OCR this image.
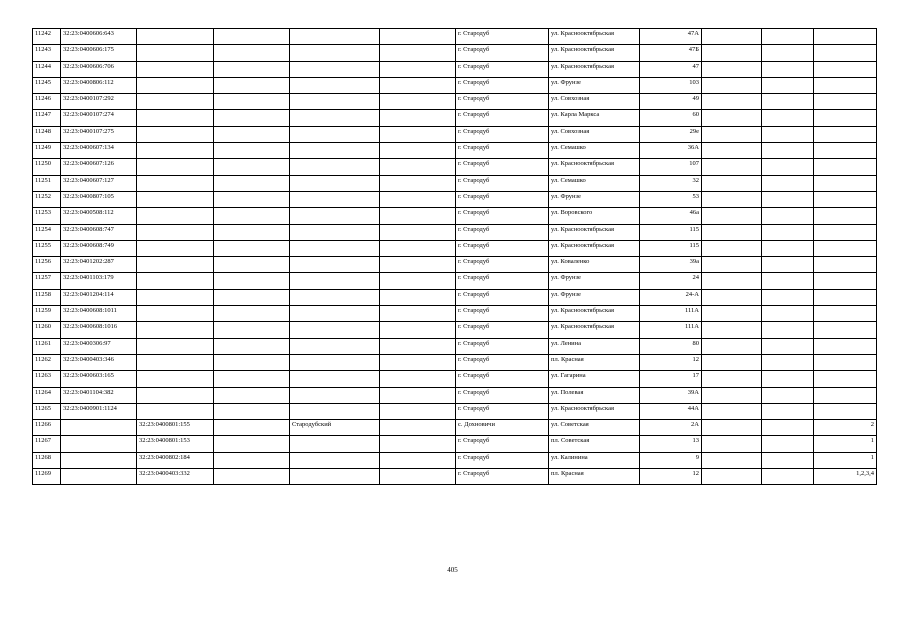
11242	32:23:0400606:643					г. Стародуб	ул. Краснооктябрьская	47А			
11243	32:23:0400606:175					г. Стародуб	ул. Краснооктябрьская	47Б			
11244	32:23:0400606:706					г. Стародуб	ул. Краснооктябрьская	47			
11245	32:23:0400806:112					г. Стародуб	ул. Фрунзе	103			
11246	32:23:0400107:292					г. Стародуб	ул. Совхозная	49			
11247	32:23:0400107:274					г. Стародуб	ул. Карла Маркса	60			
11248	32:23:0400107:275					г. Стародуб	ул. Совхозная	29е			
11249	32:23:0400607:134					г. Стародуб	ул. Семашко	36А			
11250	32:23:0400607:126					г. Стародуб	ул. Краснооктябрьская	107			
11251	32:23:0400607:127					г. Стародуб	ул. Семашко	32			
11252	32:23:0400807:105					г. Стародуб	ул. Фрунзе	53			
11253	32:23:0400508:112					г. Стародуб	ул. Воровского	46а			
11254	32:23:0400608:747					г. Стародуб	ул. Краснооктябрьская	115			
11255	32:23:0400608:749					г. Стародуб	ул. Краснооктябрьская	115			
11256	32:23:0401202:287					г. Стародуб	ул. Коваленко	39а			
11257	32:23:0401103:179					г. Стародуб	ул. Фрунзе	24			
11258	32:23:0401204:114					г. Стародуб	ул. Фрунзе	24-А			
11259	32:23:0400608:1011					г. Стародуб	ул. Краснооктябрьская	111А			
11260	32:23:0400608:1016					г. Стародуб	ул. Краснооктябрьская	111А			
11261	32:23:0400306:97					г. Стародуб	ул. Ленина	80			
11262	32:23:0400403:346					г. Стародуб	пл. Красная	12			
11263	32:23:0400603:165					г. Стародуб	ул. Гагарина	17			
11264	32:23:0401104:382					г. Стародуб	ул. Полевая	39А			
11265	32:23:0400901:1124					г. Стародуб	ул. Краснооктябрьская	44А			
11266		32:23:0400801:155		Стародубский		с. Дохновичи	ул. Советская	2А			2
11267		32:23:0400801:153				г. Стародуб	пл. Советская	13			1
11268		32:23:0400802:184				г. Стародуб	ул. Калинина	9			1
11269		32:23:0400403:332				г. Стародуб	пл. Красная	12			1,2,3,4
405
